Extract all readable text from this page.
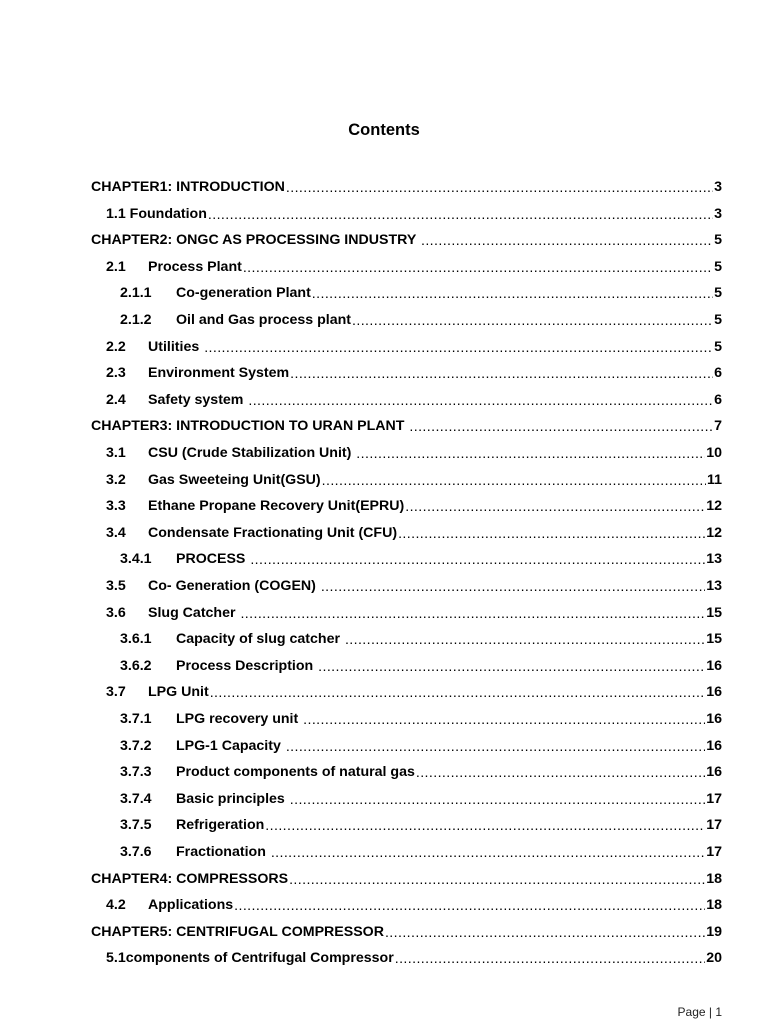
Contents
CHAPTER1: INTRODUCTION .....	3
1.1 Foundation .....	3
CHAPTER2: ONGC AS PROCESSING INDUSTRY .....	5
2.1	Process Plant .....	5
2.1.1	Co-generation Plant .....	5
2.1.2	Oil and Gas process plant .....	5
2.2	Utilities .....	5
2.3	Environment System .....	6
2.4	Safety system .....	6
CHAPTER3: INTRODUCTION TO URAN PLANT .....	7
3.1	CSU (Crude Stabilization Unit) .....	10
3.2	Gas Sweeteing Unit(GSU) .....	11
3.3	Ethane Propane Recovery Unit(EPRU) .....	12
3.4	Condensate Fractionating Unit (CFU) .....	12
3.4.1	PROCESS .....	13
3.5	Co- Generation (COGEN) .....	13
3.6	Slug Catcher .....	15
3.6.1	Capacity of slug catcher .....	15
3.6.2	Process Description .....	16
3.7	LPG Unit .....	16
3.7.1	LPG recovery unit .....	16
3.7.2	LPG-1 Capacity .....	16
3.7.3	Product components of natural gas .....	16
3.7.4	Basic principles .....	17
3.7.5	Refrigeration .....	17
3.7.6	Fractionation .....	17
CHAPTER4: COMPRESSORS .....	18
4.2	Applications .....	18
CHAPTER5: CENTRIFUGAL COMPRESSOR .....	19
5.1components of Centrifugal Compressor .....	20
Page | 1
